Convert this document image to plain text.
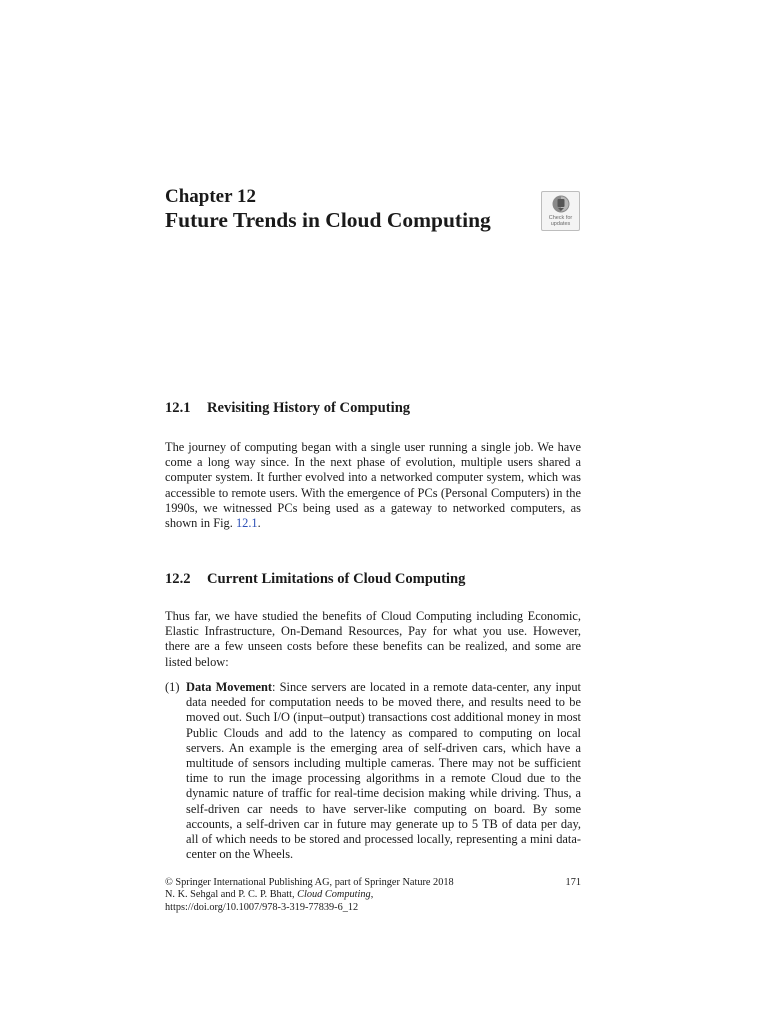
Chapter 12
Future Trends in Cloud Computing	Check for
updates
12.1 Revisiting History of Computing

The journey of computing began with a single user running a single job. We have come a long way since. In the next phase of evolution, multiple users shared a computer system. It further evolved into a networked computer system, which was accessible to remote users. With the emergence of PCs (Personal Computers) in the 1990s, we witnessed PCs being used as a gateway to networked computers, as shown in Fig. 12.1.

12.2 Current Limitations of Cloud Computing

Thus far, we have studied the benefits of Cloud Computing including Economic, Elastic Infrastructure, On-Demand Resources, Pay for what you use. However, there are a few unseen costs before these benefits can be realized, and some are listed below:

(1) Data Movement: Since servers are located in a remote data-center, any input data needed for computation needs to be moved there, and results need to be moved out. Such I/O (input–output) transactions cost additional money in most Public Clouds and add to the latency as compared to computing on local servers. An example is the emerging area of self-driven cars, which have a multitude of sensors including multiple cameras. There may not be sufficient time to run the image processing algorithms in a remote Cloud due to the dynamic nature of traffic for real-time decision making while driving. Thus, a self-driven car needs to have server-like computing on board. By some accounts, a self-driven car in future may generate up to 5 TB of data per day, all of which needs to be stored and processed locally, representing a mini data-center on the Wheels.
© Springer International Publishing AG, part of Springer Nature 2018
N. K. Sehgal and P. C. P. Bhatt, Cloud Computing,
https://doi.org/10.1007/978-3-319-77839-6_12
171
